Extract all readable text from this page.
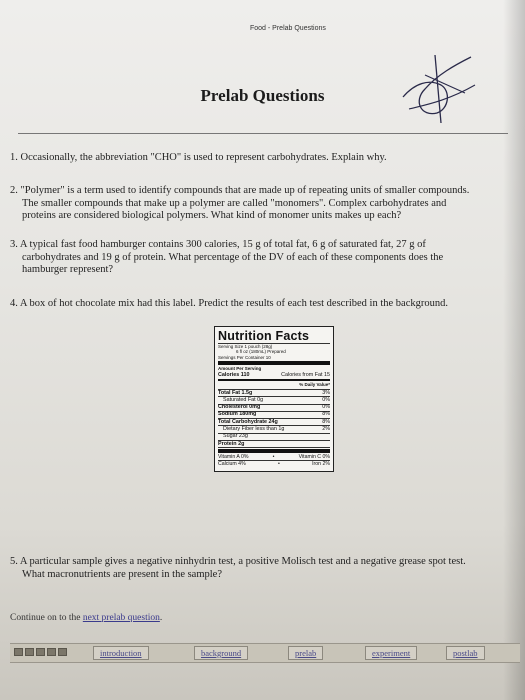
Food - Prelab Questions
Prelab Questions
1. Occasionally, the abbreviation "CHO" is used to represent carbohydrates. Explain why.
2. "Polymer" is a term used to identify compounds that are made up of repeating units of smaller compounds.
The smaller compounds that make up a polymer are called "monomers". Complex carbohydrates and
proteins are considered biological polymers. What kind of monomer units makes up each?
3. A typical fast food hamburger contains 300 calories, 15 g of total fat, 6 g of saturated fat, 27 g of
carbohydrates and 19 g of protein. What percentage of the DV of each of these components does the
hamburger represent?
4. A box of hot chocolate mix had this label. Predict the results of each test described in the background.
Nutrition Facts
Serving Size 1 pouch (28g)
6 fl oz (180mL) Prepared
Servings Per Container 10
Amount Per Serving
Calories 110	Calories from Fat 15
% Daily Value*
Total Fat 1.5g	3%
Saturated Fat 0g	0%
Cholesterol 0mg	0%
Sodium 180mg	8%
Total Carbohydrate 24g	8%
Dietary Fiber less than 1g	2%
Sugar 23g
Protein 2g
Vitamin A 0%	•	Vitamin C 0%
Calcium 4%	•	Iron 2%
5. A particular sample gives a negative ninhydrin test, a positive Molisch test and a negative grease spot test.
What macronutrients are present in the sample?
Continue on to the next prelab question.
introduction	background	prelab	experiment	postlab
